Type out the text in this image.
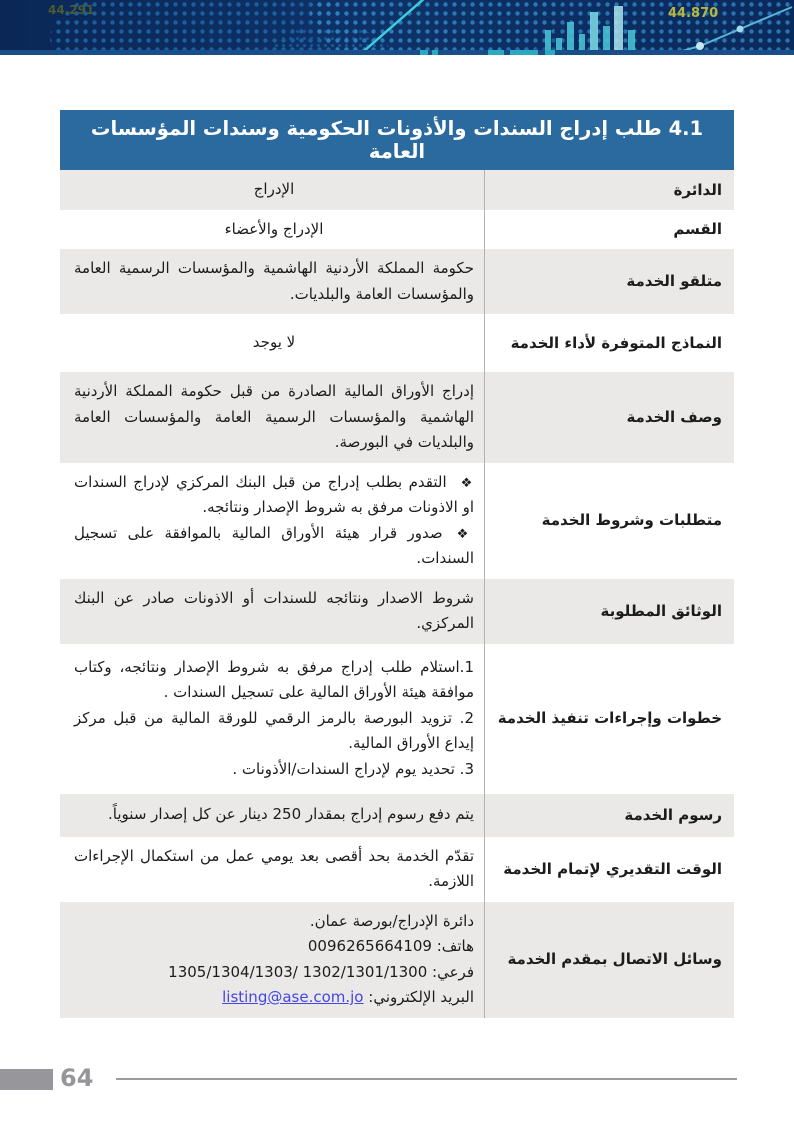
44.291	44.870
4.1 طلب إدراج السندات والأذونات الحكومية وسندات المؤسسات العامة
الدائرة
الإدراج
القسم
الإدراج والأعضاء
متلقو الخدمة
حكومة المملكة الأردنية الهاشمية والمؤسسات الرسمية العامة والمؤسسات العامة والبلديات.
النماذج المتوفرة لأداء الخدمة
لا يوجد
وصف الخدمة
إدراج الأوراق المالية الصادرة من قبل حكومة المملكة الأردنية الهاشمية والمؤسسات الرسمية العامة والمؤسسات العامة والبلديات في البورصة.
متطلبات وشروط الخدمة
❖التقدم بطلب إدراج من قبل البنك المركزي لإدراج السندات او الاذونات مرفق به شروط الإصدار ونتائجه.
❖صدور قرار هيئة الأوراق المالية بالموافقة على تسجيل السندات.
الوثائق المطلوبة
شروط الاصدار ونتائجه للسندات أو الاذونات صادر عن البنك المركزي.
خطوات وإجراءات تنفيذ الخدمة
1.استلام طلب إدراج مرفق به شروط الإصدار ونتائجه، وكتاب موافقة هيئة الأوراق المالية على تسجيل السندات .
2. تزويد البورصة بالرمز الرقمي للورقة المالية من قبل مركز إيداع الأوراق المالية.
3. تحديد يوم لإدراج السندات/الأذونات .
رسوم الخدمة
يتم دفع رسوم إدراج بمقدار 250 دينار عن كل إصدار سنوياً.
الوقت التقديري لإتمام الخدمة
تقدّم الخدمة بحد أقصى بعد يومي عمل من استكمال الإجراءات اللازمة.
وسائل الاتصال بمقدم الخدمة
دائرة الإدراج/بورصة عمان.
هاتف: 0096265664109
فرعي: 1305/1304/1303/ 1302/1301/1300
البريد الإلكتروني: listing@ase.com.jo
64
